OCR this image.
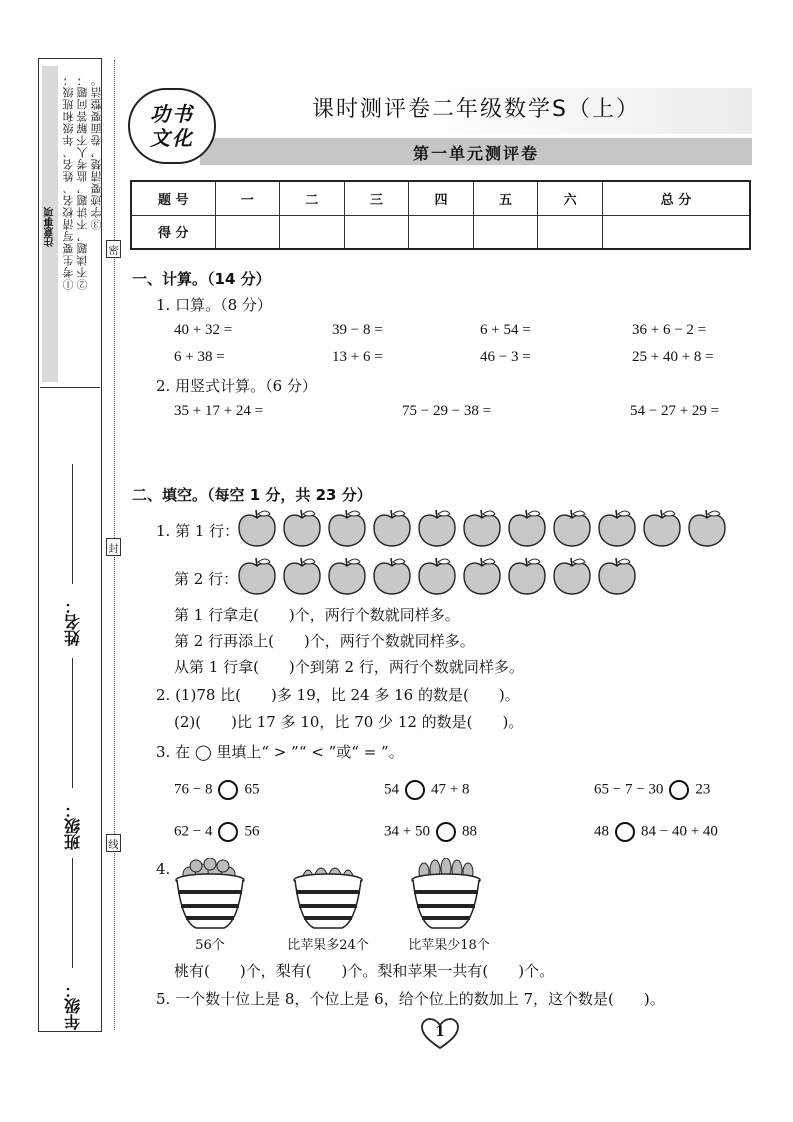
注意事项 ①考生要写清校名、姓名、年级和班级； ②不读题，不讲题，监考人不解答问题； ③字迹要清楚，卷面要整洁。
姓名：
班级：
年级：
密
封
线
课时测评卷二年级数学S（上）
第一单元测评卷
功书
文化
题 号	一	二	三	四	五	六	总 分
得 分							
一、计算。（14 分）
1. 口算。（8 分）
40 + 32 =	39 − 8 =	6 + 54 =	36 + 6 − 2 =
6 + 38 =	13 + 6 =	46 − 3 =	25 + 40 + 8 =
2. 用竖式计算。（6 分）
35 + 17 + 24 =	75 − 29 − 38 =	54 − 27 + 29 =
二、填空。（每空 1 分，共 23 分）
1. 第 1 行：
第 2 行：
第 1 行拿走(　　)个，两行个数就同样多。
第 2 行再添上(　　)个，两行个数就同样多。
从第 1 行拿(　　)个到第 2 行，两行个数就同样多。
2. (1)78 比(　　)多 19，比 24 多 16 的数是(　　)。
(2)(　　)比 17 多 10，比 70 少 12 的数是(　　)。
3. 在 ◯ 里填上“ > ”“ < ”或“ = ”。
76 − 8 65	54 47 + 8	65 − 7 − 30 23
62 − 4 56	34 + 50 88	48 84 − 40 + 40
4.
56个	比苹果多24个	比苹果少18个
桃有(　　)个，梨有(　　)个。梨和苹果一共有(　　)个。
5. 一个数十位上是 8，个位上是 6，给个位上的数加上 7，这个数是(　　)。
1
